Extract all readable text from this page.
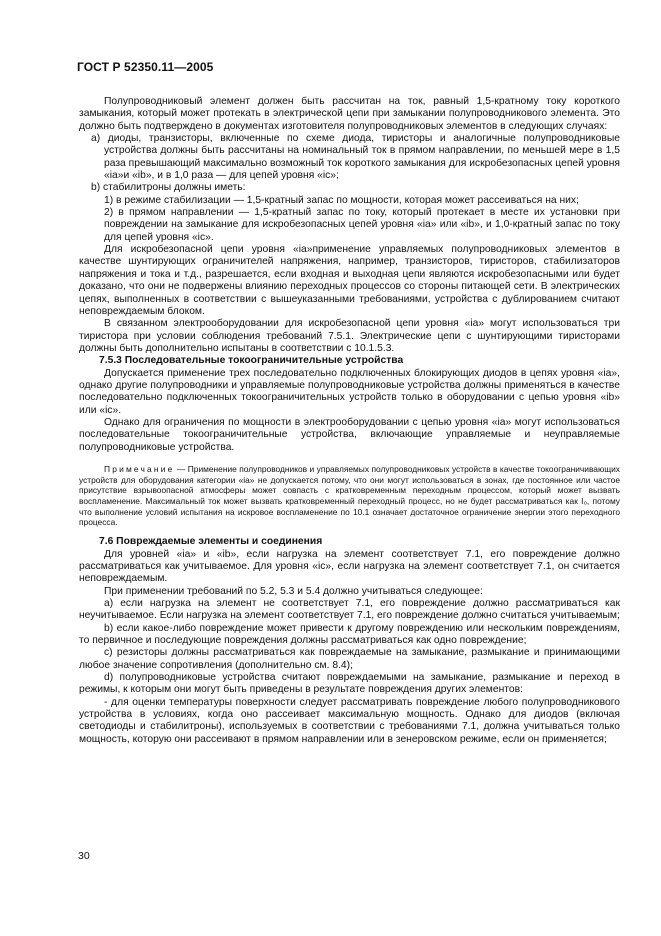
ГОСТ Р 52350.11—2005

Полупроводниковый элемент должен быть рассчитан на ток, равный 1,5-кратному току короткого замыкания, который может протекать в электрической цепи при замыкании полупроводникового элемента. Это должно быть подтверждено в документах изготовителя полупроводниковых элементов в следующих случаях:

a) диоды, транзисторы, включенные по схеме диода, тиристоры и аналогичные полупроводниковые устройства должны быть рассчитаны на номинальный ток в прямом направлении, по меньшей мере в 1,5 раза превышающий максимально возможный ток короткого замыкания для искробезопасных цепей уровня «ia»и «ib», и в 1,0 раза — для цепей уровня «ic»;

b) стабилитроны должны иметь:

1) в режиме стабилизации — 1,5-кратный запас по мощности, которая может рассеиваться на них;

2) в прямом направлении — 1,5-кратный запас по току, который протекает в месте их установки при повреждении на замыкание для искробезопасных цепей уровня «ia» или «ib», и 1,0-кратный запас по току для цепей уровня «ic».

Для искробезопасной цепи уровня «ia»применение управляемых полупроводниковых элементов в качестве шунтирующих ограничителей напряжения, например, транзисторов, тиристоров, стабилизаторов напряжения и тока и т.д., разрешается, если входная и выходная цепи являются искробезопасными или будет доказано, что они не подвержены влиянию переходных процессов со стороны питающей сети. В электрических цепях, выполненных в соответствии с вышеуказанными требованиями, устройства с дублированием считают неповреждаемым блоком.

В связанном электрооборудовании для искробезопасной цепи уровня «ia» могут использоваться три тиристора при условии соблюдения требований 7.5.1. Электрические цепи с шунтирующими тиристорами должны быть дополнительно испытаны в соответствии с 10.1.5.3.

7.5.3 Последовательные токоограничительные устройства

Допускается применение трех последовательно подключенных блокирующих диодов в цепях уровня «ia», однако другие полупроводники и управляемые полупроводниковые устройства должны применяться в качестве последовательно подключенных токоограничительных устройств только в оборудовании с цепью уровня «ib» или «ic».

Однако для ограничения по мощности в электрооборудовании с цепью уровня «ia» могут использоваться последовательные токоограничительные устройства, включающие управляемые и неуправляемые полупроводниковые устройства.

Примечание — Применение полупроводников и управляемых полупроводниковых устройств в качестве токоограничивающих устройств для оборудования категории «ia» не допускается потому, что они могут использоваться в зонах, где постоянное или частое присутствие взрывоопасной атмосферы может совпасть с кратковременным переходным процессом, который может вызвать воспламенение. Максимальный ток может вызвать кратковременный переходный процесс, но не будет рассматриваться как I₀, потому что выполнение условий испытания на искровое воспламенение по 10.1 означает достаточное ограничение энергии этого переходного процесса.

7.6 Повреждаемые элементы и соединения

Для уровней «ia» и «ib», если нагрузка на элемент соответствует 7.1, его повреждение должно рассматриваться как учитываемое. Для уровня «ic», если нагрузка на элемент соответствует 7.1, он считается неповреждаемым.

При применении требований по 5.2, 5.3 и 5.4 должно учитываться следующее:

a) если нагрузка на элемент не соответствует 7.1, его повреждение должно рассматриваться как неучитываемое. Если нагрузка на элемент соответствует 7.1, его повреждение должно считаться учитываемым;

b) если какое-либо повреждение может привести к другому повреждению или нескольким повреждениям, то первичное и последующие повреждения должны рассматриваться как одно повреждение;

c) резисторы должны рассматриваться как повреждаемые на замыкание, размыкание и принимающими любое значение сопротивления (дополнительно см. 8.4);

d) полупроводниковые устройства считают повреждаемыми на замыкание, размыкание и переход в режимы, к которым они могут быть приведены в результате повреждения других элементов:

- для оценки температуры поверхности следует рассматривать повреждение любого полупроводникового устройства в условиях, когда оно рассеивает максимальную мощность. Однако для диодов (включая светодиоды и стабилитроны), используемых в соответствии с требованиями 7.1, должна учитываться только мощность, которую они рассеивают в прямом направлении или в зенеровском режиме, если он применяется;

30
